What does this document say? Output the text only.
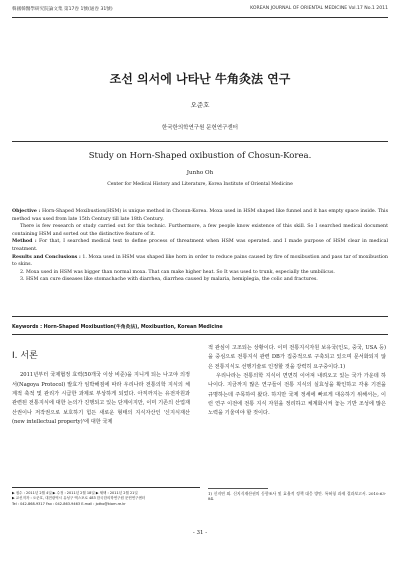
韓國韓醫學研究院論文集 第17卷 1號(通卷 31號)	KOREAN JOURNAL OF ORIENTAL MEDICINE Vol.17 No.1 2011
조선 의서에 나타난 牛角灸法 연구
오준호
한국한의학연구원 문헌연구센터
Study on Horn-Shaped oxibustion of Chosun-Korea.
Junho Oh
Center for Medical History and Literature, Korea Institute of Oriental Medicine

Objective : Horn-Shaped Moxibustion(HSM) is unique method in Chosun-Korea. Moxa used in HSM shaped like funnel and it has empty space inside. This method was used from late 15th Century till late 18th Century.

There is few research or study carried out for this technic. Furthermore, a few people know existence of this skill. So I searched medical document containing HSM and sorted out the distinctive feature of it.

Method : For that, I searched medical text to define process of threatment when HSM was operated. and I made purpose of HSM clear in medical treatment.

Results and Conclusions : 1. Moxa used in HSM was shaped like horn in order to reduce pains caused by fire of moxibustion and pass tar of moxibustion to skins.

2. Moxa used in HSM was bigger than normal moxa. That can make higher heat. So It was used to trunk, especially the umbilicus.

3. HSM can cure diseases like stomachache with diarrhea, diarrhea caused by malaria, hemiplegia, the colic and fractures.

Keywords : Horn-Shaped Moxibustion(牛角灸法), Moxibustion, Korean Medicine
Ⅰ. 서론

2011년부터 국제협정 효력(50개국 이상 비준)을 지니게 되는 나고야 의정서(Nagoya Protocol) 발효가 임박해짐에 따라 우리나라 전통의학 지식의 체계적 축적 및 관리가 시급한 과제로 부상하게 되었다. 아직까지는 유전자원과 관련된 전통지식에 대한 논의가 진행되고 있는 단계이지만, 이미 기존의 산업재산권이나 저작권으로 보호하기 힘든 새로운 형태의 지식자산인 '신지식재산(new intellectual property)'에 대한 국제

적 관심이 고조되는 상황이다. 이미 전통지식자원 보유국(인도, 중국, USA 등)을 중심으로 전통지식 관련 DB가 집중적으로 구축되고 있으며 문서화되지 않은 전통지식도 선행기술로 인정할 것을 강력히 요구중이다.1)

우리나라는 전통의학 지식이 면면히 이어져 내려오고 있는 국가 가운데 하나이다. 지금까지 많은 연구들이 전통 지식의 실효성을 확인하고 각용 기전을 규명하는데 주목하여 왔다. 하지만 국제 정세에 빠르게 대응하기 위해서는, 이런 연구 이전에 전통 지식 자원을 정리하고 체계화시켜 놓는 기반 조성에 많은 노력을 기울여야 할 것이다.

▶ 접수 : 2011년 2월 4일 ▶ 수정 : 2011년 2월 18일 ▶ 채택 : 2011년 2월 21일
▶ 교신저자 : 오준호, 대전광역시 유성구 엑스포로 483 한국한의학연구원 문헌연구센터
Tel : 042-868-9317 Fax : 042-863-9463 E-mail : jotho@kiom.re.kr
1) 신지연 외. 신지식재산권의 동향조사 및 효율적 정책 대응 방안. 특허청 과제 결과보고서. 2010:63-84.
- 31 -
